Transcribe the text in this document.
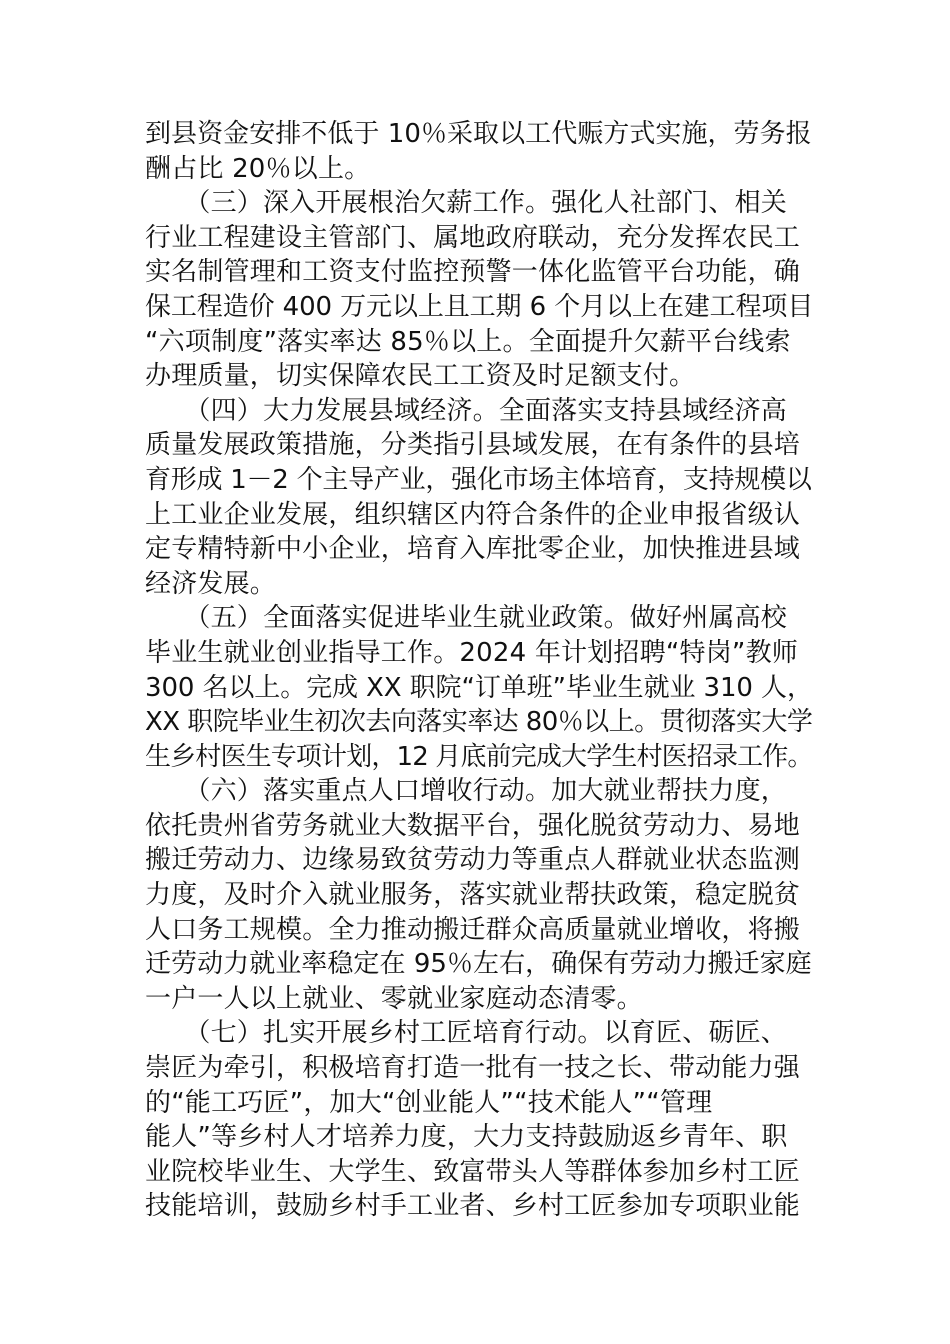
到县资金安排不低于 10％采取以工代赈方式实施，劳务报
酬占比 20％以上。
　　（三）深入开展根治欠薪工作。强化人社部门、相关
行业工程建设主管部门、属地政府联动，充分发挥农民工
实名制管理和工资支付监控预警一体化监管平台功能，确
保工程造价 400 万元以上且工期 6 个月以上在建工程项目
“六项制度”落实率达 85％以上。全面提升欠薪平台线索
办理质量，切实保障农民工工资及时足额支付。
　　（四）大力发展县域经济。全面落实支持县域经济高
质量发展政策措施，分类指引县域发展，在有条件的县培
育形成 1－2 个主导产业，强化市场主体培育，支持规模以
上工业企业发展，组织辖区内符合条件的企业申报省级认
定专精特新中小企业，培育入库批零企业，加快推进县域
经济发展。
　　（五）全面落实促进毕业生就业政策。做好州属高校
毕业生就业创业指导工作。2024 年计划招聘“特岗”教师
300 名以上。完成 XX 职院“订单班”毕业生就业 310 人，
XX 职院毕业生初次去向落实率达 80％以上。贯彻落实大学
生乡村医生专项计划，12 月底前完成大学生村医招录工作。
　　（六）落实重点人口增收行动。加大就业帮扶力度，
依托贵州省劳务就业大数据平台，强化脱贫劳动力、易地
搬迁劳动力、边缘易致贫劳动力等重点人群就业状态监测
力度，及时介入就业服务，落实就业帮扶政策，稳定脱贫
人口务工规模。全力推动搬迁群众高质量就业增收，将搬
迁劳动力就业率稳定在 95％左右，确保有劳动力搬迁家庭
一户一人以上就业、零就业家庭动态清零。
　　（七）扎实开展乡村工匠培育行动。以育匠、砺匠、
崇匠为牵引，积极培育打造一批有一技之长、带动能力强
的“能工巧匠”，加大“创业能人”“技术能人”“管理
能人”等乡村人才培养力度，大力支持鼓励返乡青年、职
业院校毕业生、大学生、致富带头人等群体参加乡村工匠
技能培训，鼓励乡村手工业者、乡村工匠参加专项职业能
